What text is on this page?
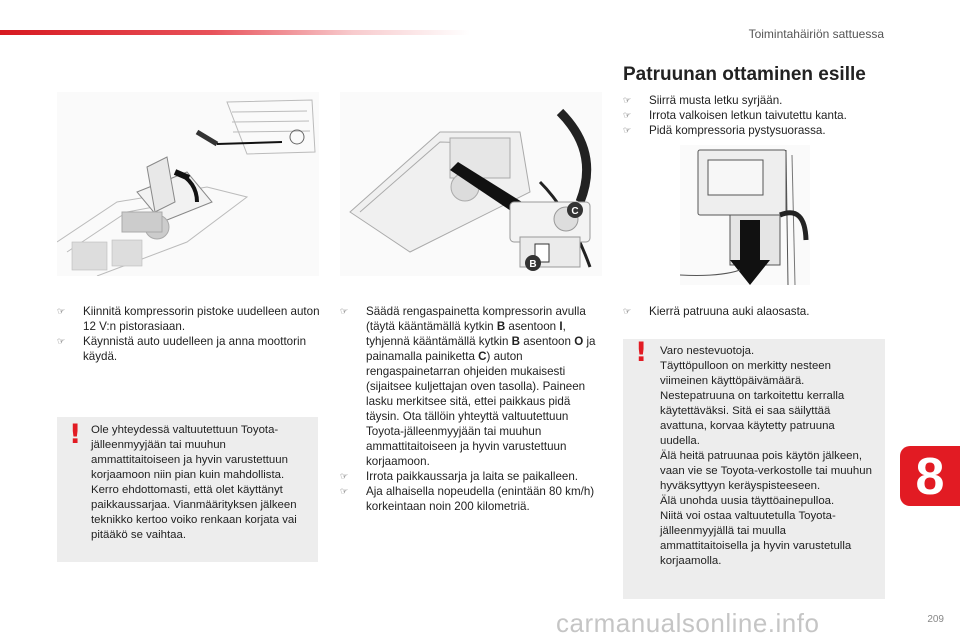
Toimintahäiriön sattuessa
C
B
Patruunan ottaminen esille
☞ Siirrä musta letku syrjään.
☞ Irrota valkoisen letkun taivutettu kanta.
☞ Pidä kompressoria pystysuorassa.
☞ Kierrä patruuna auki alaosasta.
☞ Kiinnitä kompressorin pistoke uudelleen auton 12 V:n pistorasiaan.
☞ Käynnistä auto uudelleen ja anna moottorin käydä.
☞ Säädä rengaspainetta kompressorin avulla (täytä kääntämällä kytkin B asentoon I, tyhjennä kääntämällä kytkin B asentoon O ja painamalla painiketta C) auton rengaspainetarran ohjeiden mukaisesti (sijaitsee kuljettajan oven tasolla). Paineen lasku merkitsee sitä, ettei paikkaus pidä täysin. Ota tällöin yhteyttä valtuutettuun Toyota-jälleenmyyjään tai muuhun ammattitaitoiseen ja hyvin varustettuun korjaamoon.
☞ Irrota paikkaussarja ja laita se paikalleen.
☞ Aja alhaisella nopeudella (enintään 80 km/h) korkeintaan noin 200 kilometriä.
! Ole yhteydessä valtuutettuun Toyota-jälleenmyyjään tai muuhun ammattitaitoiseen ja hyvin varustettuun korjaamoon niin pian kuin mahdollista. Kerro ehdottomasti, että olet käyttänyt paikkaussarjaa. Vianmäärityksen jälkeen teknikko kertoo voiko renkaan korjata vai pitääkö se vaihtaa.
! Varo nestevuotoja.
Täyttöpulloon on merkitty nesteen viimeinen käyttöpäivämäärä.
Nestepatruuna on tarkoitettu kerralla käytettäväksi. Sitä ei saa säilyttää avattuna, korvaa käytetty patruuna uudella.
Älä heitä patruunaa pois käytön jälkeen, vaan vie se Toyota-verkostolle tai muuhun hyväksyttyyn keräyspisteeseen.
Älä unohda uusia täyttöainepulloa.
Niitä voi ostaa valtuutetulla Toyota-jälleenmyyjällä tai muulla ammattitaitoisella ja hyvin varustetulla korjaamolla.
8
209
carmanualsonline.info
